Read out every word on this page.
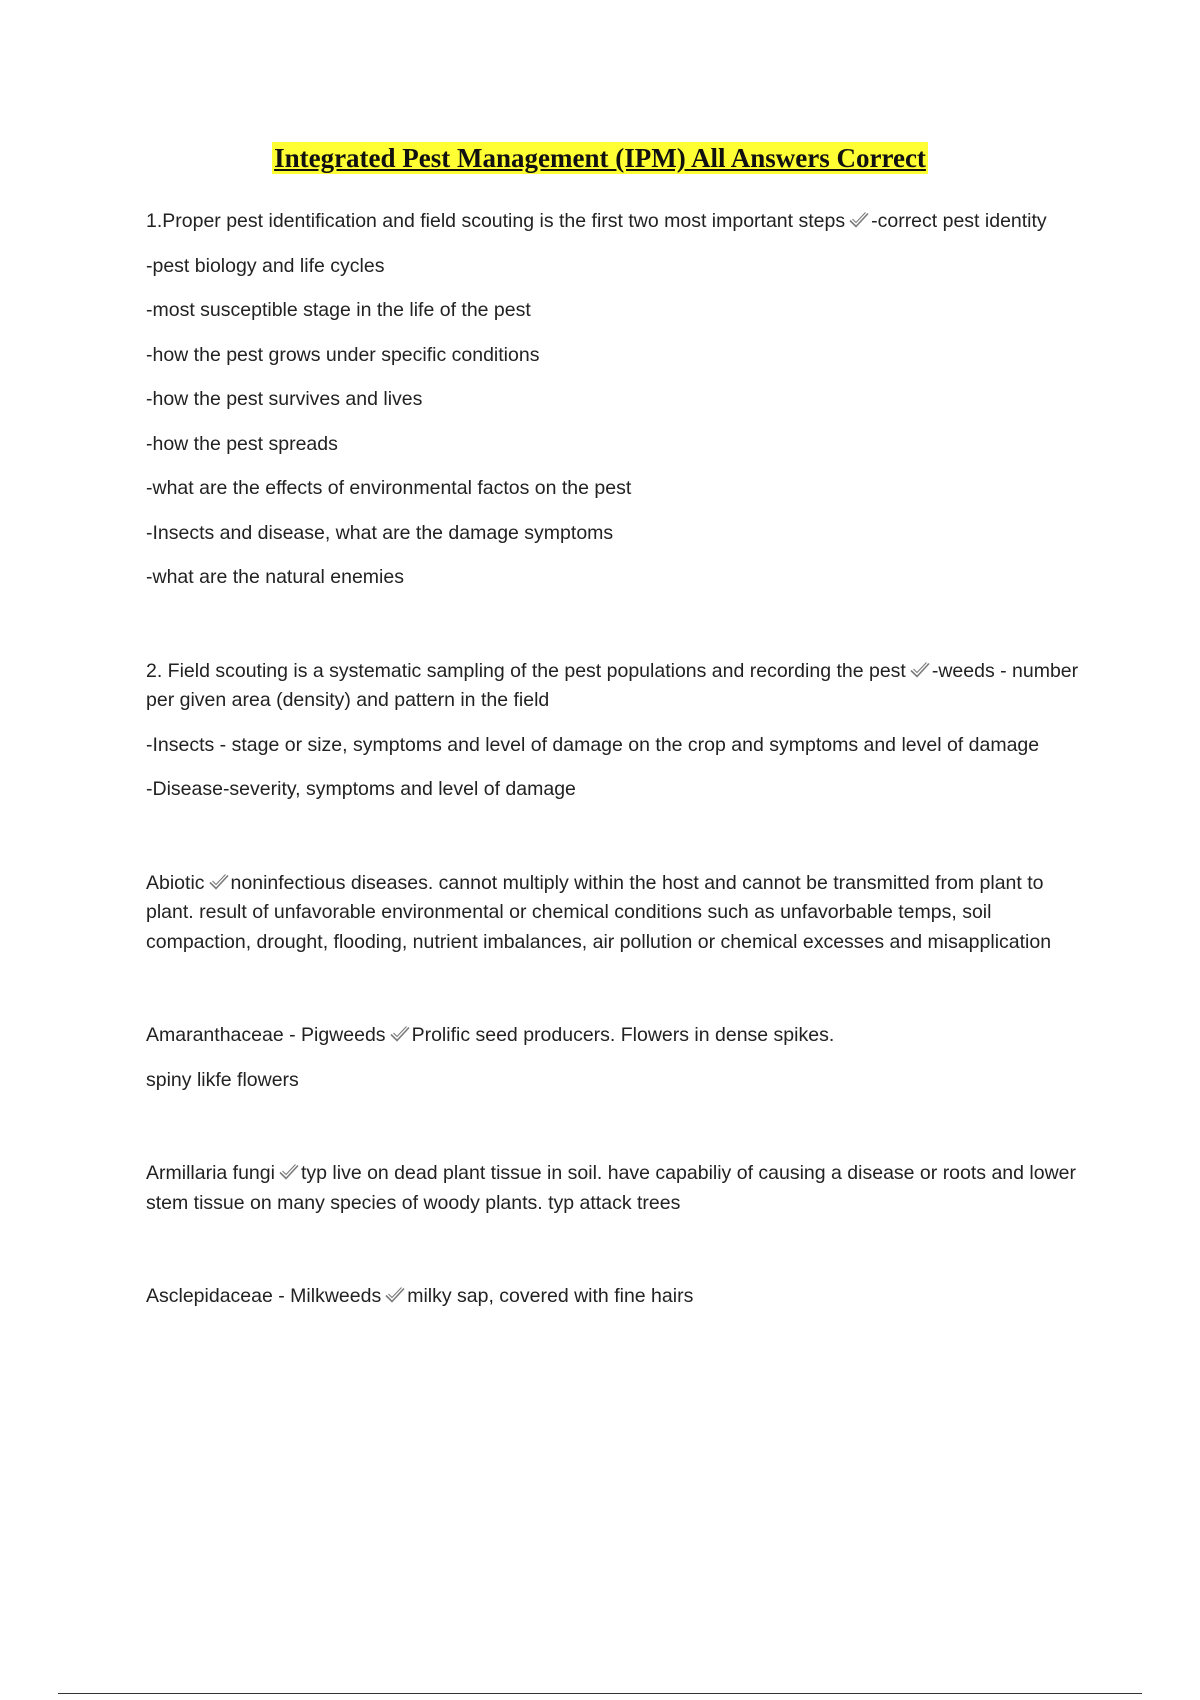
Integrated Pest Management (IPM) All Answers Correct

1.Proper pest identification and field scouting is the first two most important steps -correct pest identity

-pest biology and life cycles

-most susceptible stage in the life of the pest

-how the pest grows under specific conditions

-how the pest survives and lives

-how the pest spreads

-what are the effects of environmental factos on the pest

-Insects and disease, what are the damage symptoms

-what are the natural enemies

2. Field scouting is a systematic sampling of the pest populations and recording the pest -weeds - number per given area (density) and pattern in the field

-Insects - stage or size, symptoms and level of damage on the crop and symptoms and level of damage

-Disease-severity, symptoms and level of damage

Abiotic noninfectious diseases. cannot multiply within the host and cannot be transmitted from plant to plant. result of unfavorable environmental or chemical conditions such as unfavorbable temps, soil compaction, drought, flooding, nutrient imbalances, air pollution or chemical excesses and misapplication

Amaranthaceae - Pigweeds Prolific seed producers. Flowers in dense spikes.

spiny likfe flowers

Armillaria fungi typ live on dead plant tissue in soil. have capabiliy of causing a disease or roots and lower stem tissue on many species of woody plants. typ attack trees

Asclepidaceae - Milkweeds milky sap, covered with fine hairs
